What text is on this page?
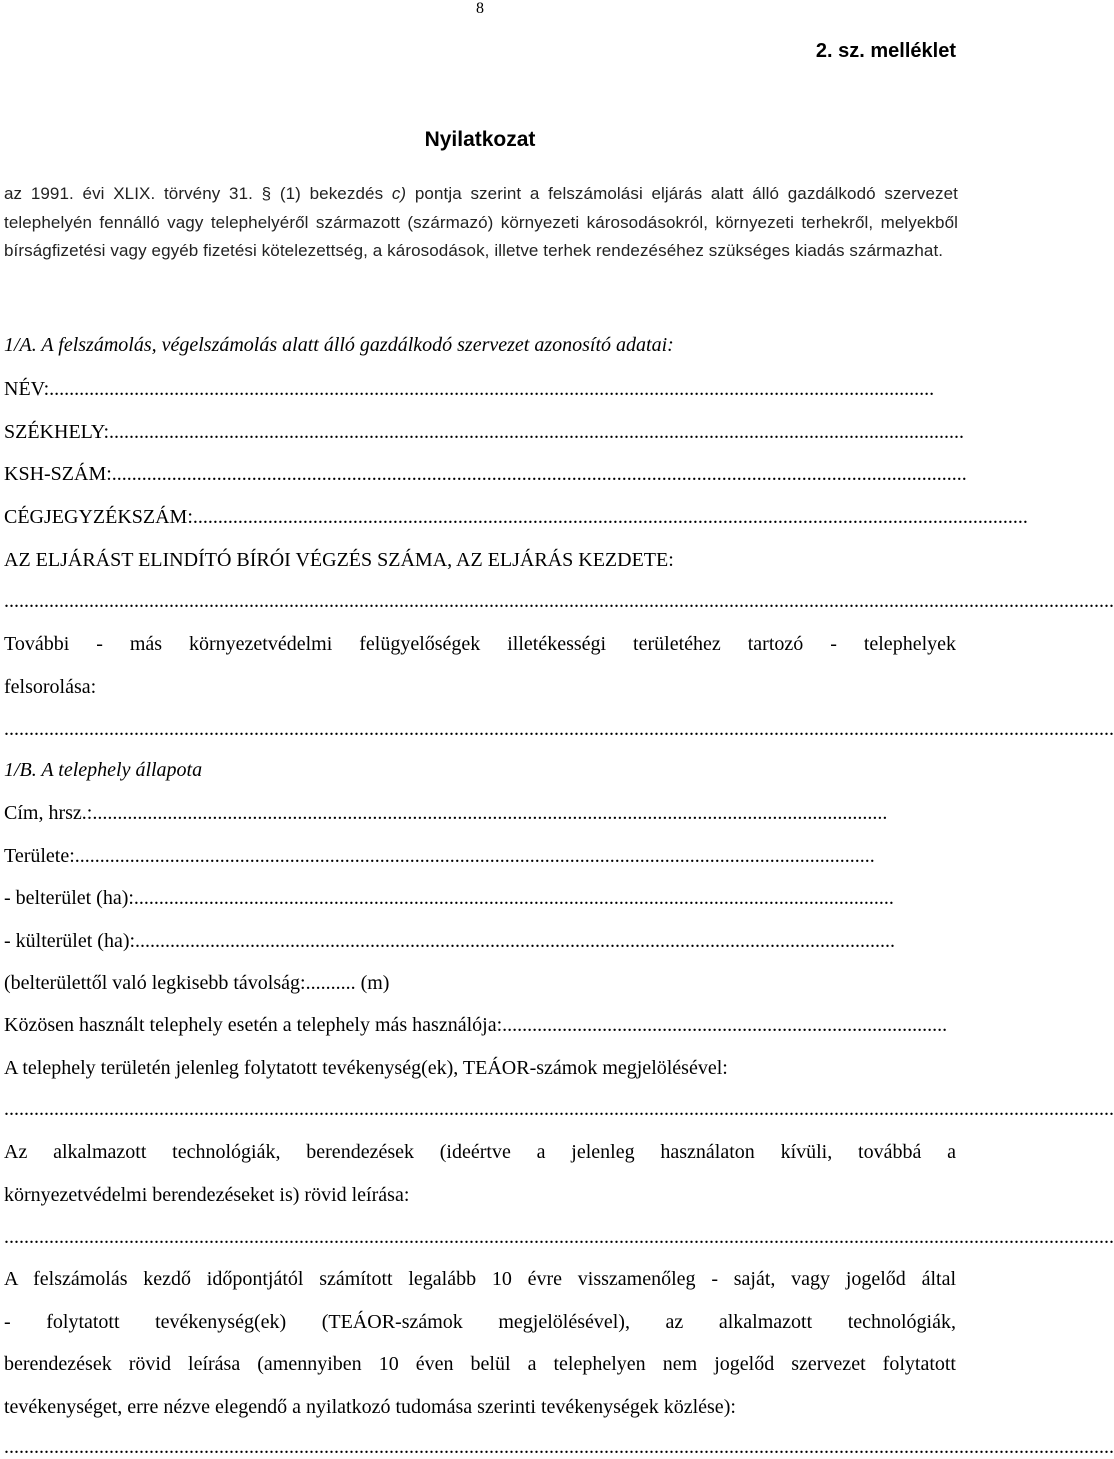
8
2. sz. melléklet
Nyilatkozat

az 1991. évi XLIX. törvény 31. § (1) bekezdés c) pontja szerint a felszámolási eljárás alatt álló gazdálkodó szervezet telephelyén fennálló vagy telephelyéről származott (származó) környezeti károsodásokról, környezeti terhekről, melyekből bírságfizetési vagy egyéb fizetési kötelezettség, a károsodások, illetve terhek rendezéséhez szükséges kiadás származhat.

1/A. A felszámolás, végelszámolás alatt álló gazdálkodó szervezet azonosító adatai:
NÉV:.................................................................................................................................................................................
SZÉKHELY:...........................................................................................................................................................................
KSH-SZÁM:...........................................................................................................................................................................
CÉGJEGYZÉKSZÁM:.......................................................................................................................................................................
AZ ELJÁRÁST ELINDÍTÓ BÍRÓI VÉGZÉS SZÁMA, AZ ELJÁRÁS KEZDETE:
..............................................................................................................................................................................................................................
További - más környezetvédelmi felügyelőségek illetékességi területéhez tartozó - telephelyek
felsorolása:
..............................................................................................................................................................................................................................
1/B. A telephely állapota
Cím, hrsz.:...............................................................................................................................................................
Területe:................................................................................................................................................................
- belterület (ha):........................................................................................................................................................
- külterület (ha):........................................................................................................................................................
(belterülettől való legkisebb távolság:.......... (m)
Közösen használt telephely esetén a telephely más használója:.........................................................................................
A telephely területén jelenleg folytatott tevékenység(ek), TEÁOR-számok megjelölésével:
..............................................................................................................................................................................................................................
Az alkalmazott technológiák, berendezések (ideértve a jelenleg használaton kívüli, továbbá a
környezetvédelmi berendezéseket is) rövid leírása:
..............................................................................................................................................................................................................................
A felszámolás kezdő időpontjától számított legalább 10 évre visszamenőleg - saját, vagy jogelőd által
- folytatott tevékenység(ek) (TEÁOR-számok megjelölésével), az alkalmazott technológiák,
berendezések rövid leírása (amennyiben 10 éven belül a telephelyen nem jogelőd szervezet folytatott
tevékenységet, erre nézve elegendő a nyilatkozó tudomása szerinti tevékenységek közlése):
..............................................................................................................................................................................................................................
